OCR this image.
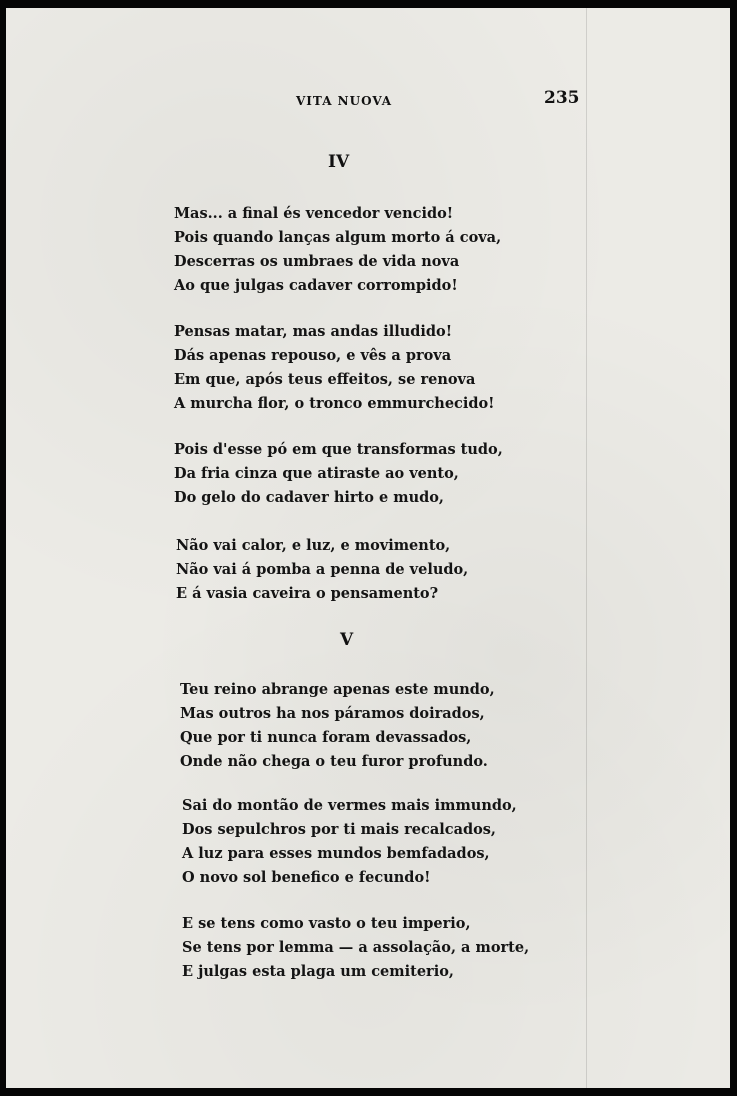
VITA NUOVA	235
IV
Mas... a final és vencedor vencido!
Pois quando lanças algum morto á cova,
Descerras os umbraes de vida nova
Ao que julgas cadaver corrompido!
Pensas matar, mas andas illudido!
Dás apenas repouso, e vês a prova
Em que, após teus effeitos, se renova
A murcha flor, o tronco emmurchecido!
Pois d'esse pó em que transformas tudo,
Da fria cinza que atiraste ao vento,
Do gelo do cadaver hirto e mudo,
Não vai calor, e luz, e movimento,
Não vai á pomba a penna de veludo,
E á vasia caveira o pensamento?
V
Teu reino abrange apenas este mundo,
Mas outros ha nos páramos doirados,
Que por ti nunca foram devassados,
Onde não chega o teu furor profundo.
Sai do montão de vermes mais immundo,
Dos sepulchros por ti mais recalcados,
A luz para esses mundos bemfadados,
O novo sol benefico e fecundo!
E se tens como vasto o teu imperio,
Se tens por lemma — a assolação, a morte,
E julgas esta plaga um cemiterio,
